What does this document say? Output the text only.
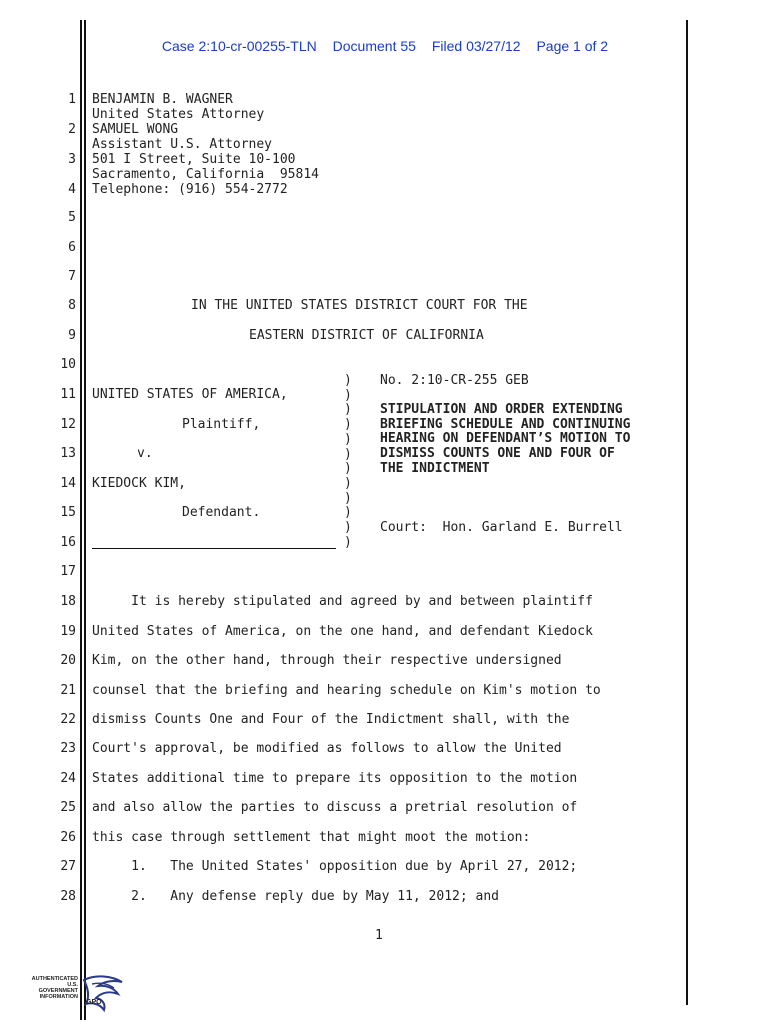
Case 2:10-cr-00255-TLN Document 55 Filed 03/27/12 Page 1 of 2
1
2
3
4
5
6
7
8
9
10
11
12
13
14
15
16
17
18
19
20
21
22
23
24
25
26
27
28
BENJAMIN B. WAGNER
United States Attorney
SAMUEL WONG
Assistant U.S. Attorney
501 I Street, Suite 10-100
Sacramento, California  95814
Telephone: (916) 554-2772
IN THE UNITED STATES DISTRICT COURT FOR THE
EASTERN DISTRICT OF CALIFORNIA
UNITED STATES OF AMERICA,
Plaintiff,
v.
KIEDOCK KIM,
Defendant.
)
)
)
)
)
)
)
)
)
)
)
)
No. 2:10-CR-255 GEB
STIPULATION AND ORDER EXTENDING
BRIEFING SCHEDULE AND CONTINUING
HEARING ON DEFENDANT’S MOTION TO
DISMISS COUNTS ONE AND FOUR OF
THE INDICTMENT
Court:  Hon. Garland E. Burrell
It is hereby stipulated and agreed by and between plaintiff
United States of America, on the one hand, and defendant Kiedock
Kim, on the other hand, through their respective undersigned
counsel that the briefing and hearing schedule on Kim's motion to
dismiss Counts One and Four of the Indictment shall, with the
Court's approval, be modified as follows to allow the United
States additional time to prepare its opposition to the motion
and also allow the parties to discuss a pretrial resolution of
this case through settlement that might moot the motion:
1.   The United States' opposition due by April 27, 2012;
2.   Any defense reply due by May 11, 2012; and
1
AUTHENTICATED
U.S. GOVERNMENT
INFORMATION
GPO
